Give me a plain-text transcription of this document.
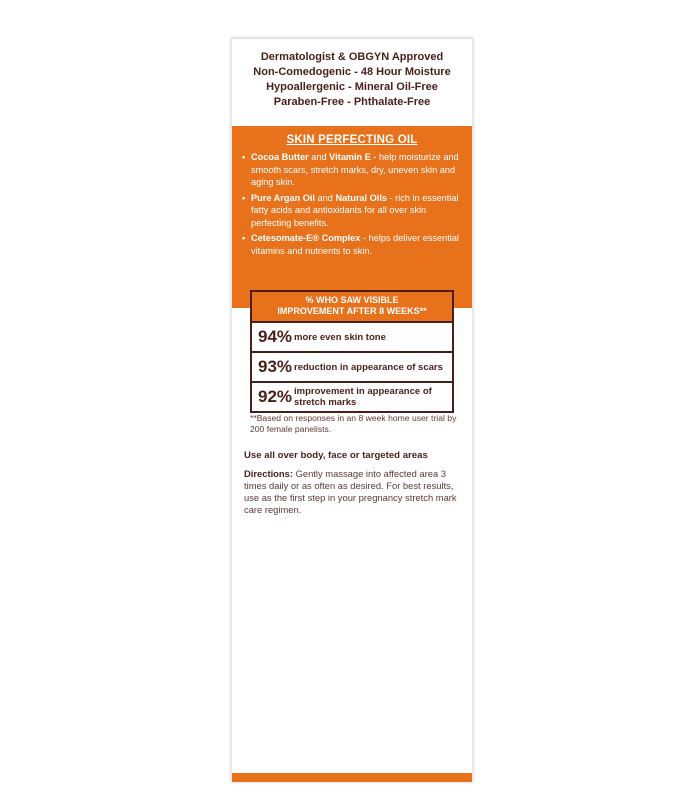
Dermatologist & OBGYN Approved
Non-Comedogenic - 48 Hour Moisture
Hypoallergenic - Mineral Oil-Free
Paraben-Free - Phthalate-Free
SKIN PERFECTING OIL
• Cocoa Butter and Vitamin E - help moisturize and smooth scars, stretch marks, dry, uneven skin and aging skin.
• Pure Argan Oil and Natural Oils - rich in essential fatty acids and antioxidants for all over skin perfecting benefits.
• Cetesomate-E® Complex - helps deliver essential vitamins and nutrients to skin.
% WHO SAW VISIBLE
IMPROVEMENT AFTER 8 WEEKS**
94% more even skin tone
93% reduction in appearance of scars
92% improvement in appearance of stretch marks
**Based on responses in an 8 week home user trial by 200 female panelists.
Use all over body, face or targeted areas
Directions: Gently massage into affected area 3 times daily or as often as desired. For best results, use as the first step in your pregnancy stretch mark care regimen.
